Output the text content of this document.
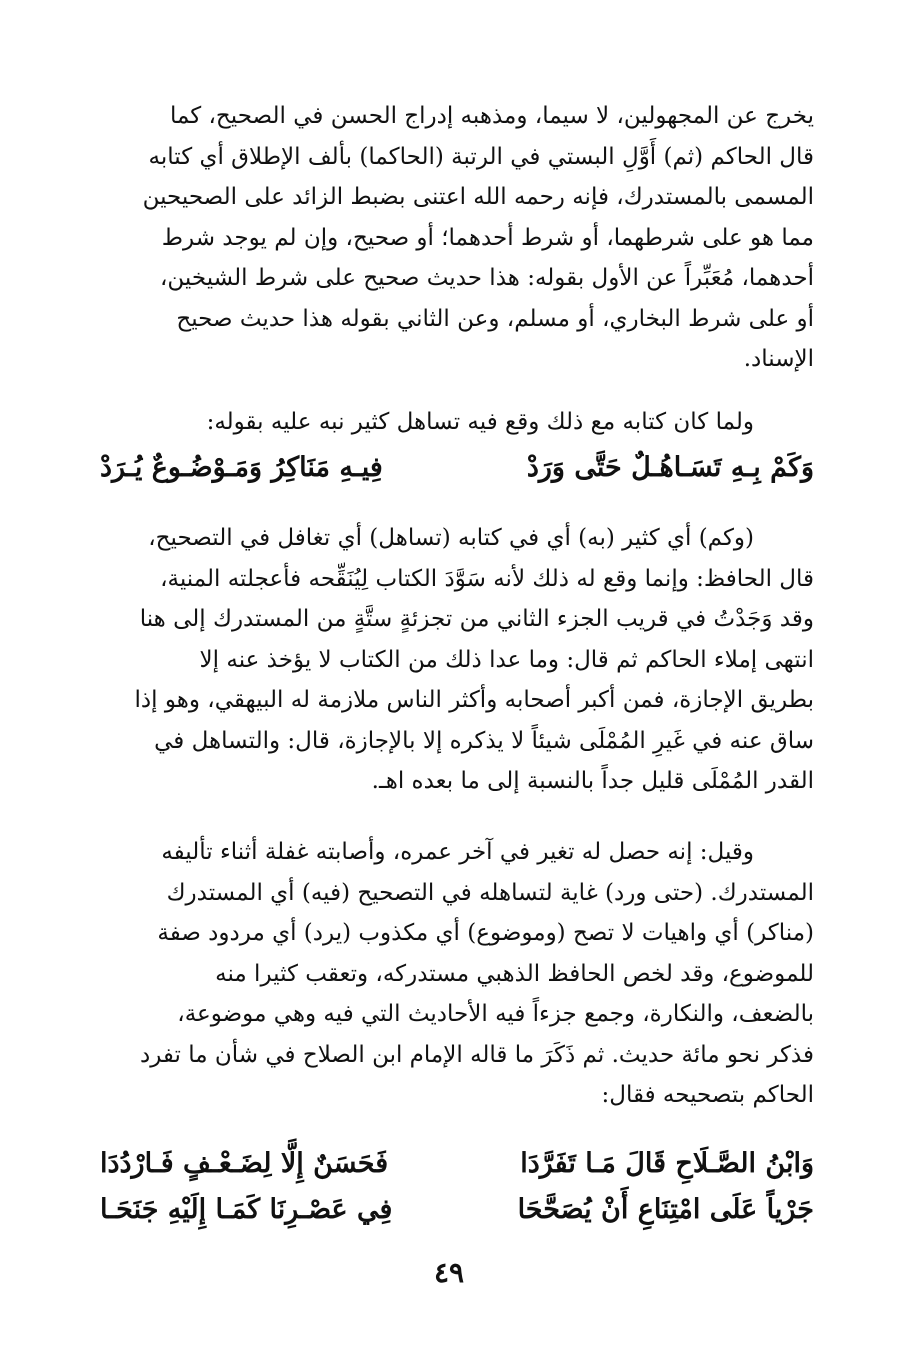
يخرج عن المجهولين، لا سيما، ومذهبه إدراج الحسن في الصحيح، كما
قال الحاكم (ثم) أَوَّلِ البستي في الرتبة (الحاكما) بألف الإطلاق أي كتابه
المسمى بالمستدرك، فإنه رحمه الله اعتنى بضبط الزائد على الصحيحين
مما هو على شرطهما، أو شرط أحدهما؛ أو صحيح، وإن لم يوجد شرط
أحدهما، مُعَبِّراً عن الأول بقوله: هذا حديث صحيح على شرط الشيخين،
أو على شرط البخاري، أو مسلم، وعن الثاني بقوله هذا حديث صحيح
الإسناد.
ولما كان كتابه مع ذلك وقع فيه تساهل كثير نبه عليه بقوله:
وَكَمْ بِـهِ تَسَـاهُـلٌ حَتَّى وَرَدْ
فِيـهِ مَنَاكِرُ وَمَـوْضُـوعٌ يُـرَدْ
(وكم) أي كثير (به) أي في كتابه (تساهل) أي تغافل في التصحيح،
قال الحافظ: وإنما وقع له ذلك لأنه سَوَّدَ الكتاب لِيُنَقِّحه فأعجلته المنية،
وقد وَجَدْتُ في قريب الجزء الثاني من تجزئةٍ ستَّةٍ من المستدرك إلى هنا
انتهى إملاء الحاكم ثم قال: وما عدا ذلك من الكتاب لا يؤخذ عنه إلا
بطريق الإجازة، فمن أكبر أصحابه وأكثر الناس ملازمة له البيهقي، وهو إذا
ساق عنه في غَيرِ المُمْلَى شيئاً لا يذكره إلا بالإجازة، قال: والتساهل في
القدر المُمْلَى قليل جداً بالنسبة إلى ما بعده اهـ.
وقيل: إنه حصل له تغير في آخر عمره، وأصابته غفلة أثناء تأليفه
المستدرك. (حتى ورد) غاية لتساهله في التصحيح (فيه) أي المستدرك
(مناكر) أي واهيات لا تصح (وموضوع) أي مكذوب (يرد) أي مردود صفة
للموضوع، وقد لخص الحافظ الذهبي مستدركه، وتعقب كثيرا منه
بالضعف، والنكارة، وجمع جزءاً فيه الأحاديث التي فيه وهي موضوعة،
فذكر نحو مائة حديث. ثم ذَكَرَ ما قاله الإمام ابن الصلاح في شأن ما تفرد
الحاكم بتصحيحه فقال:
وَابْنُ الصَّـلَاحِ قَالَ مَـا تَفَرَّدَا
فَحَسَنٌ إِلَّا لِضَـعْـفٍ فَـارْدُدَا
جَرْياً عَلَى امْتِنَاعِ أَنْ يُصَحَّحَا
فِي عَصْـرِنَا كَمَـا إِلَيْهِ جَنَحَـا
٤٩
